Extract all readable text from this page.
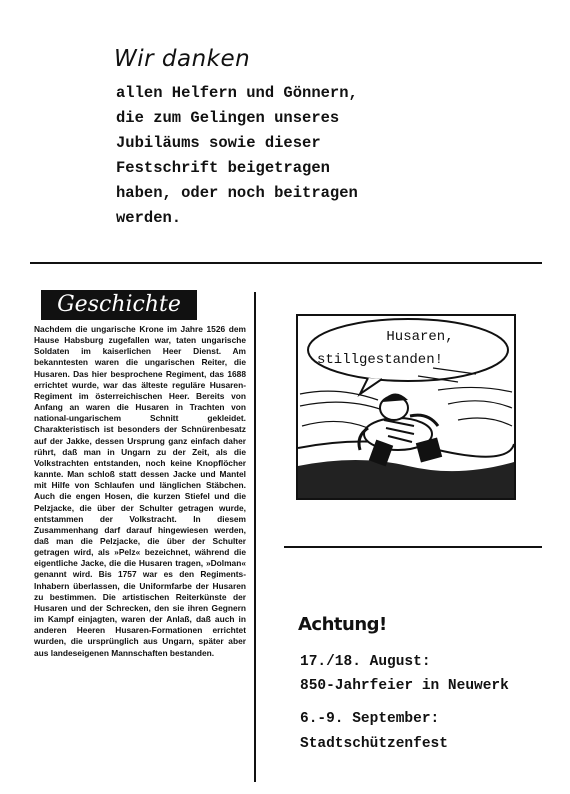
Wir danken
allen Helfern und Gönnern,
die zum Gelingen unseres
Jubiläums sowie dieser
Festschrift beigetragen
haben, oder noch beitragen
werden.
Geschichte
Nachdem die ungarische Krone im Jahre 1526 dem Hause Habsburg zugefallen war, taten ungarische Soldaten im kaiserlichen Heer Dienst. Am bekanntesten waren die ungarischen Reiter, die Husaren. Das hier besprochene Regiment, das 1688 errichtet wurde, war das älteste reguläre Husaren-Regiment im österreichischen Heer. Bereits von Anfang an waren die Husaren in Trachten von national-ungarischem Schnitt gekleidet. Charakteristisch ist besonders der Schnürenbesatz auf der Jakke, dessen Ursprung ganz einfach daher rührt, daß man in Ungarn zu der Zeit, als die Volkstrachten entstanden, noch keine Knopflöcher kannte. Man schloß statt dessen Jacke und Mantel mit Hilfe von Schlaufen und länglichen Stäbchen. Auch die engen Hosen, die kurzen Stiefel und die Pelzjacke, die über der Schulter getragen wurde, entstammen der Volkstracht. In diesem Zusammenhang darf darauf hingewiesen werden, daß man die Pelzjacke, die über der Schulter getragen wird, als »Pelz« bezeichnet, während die eigentliche Jacke, die die Husaren tragen, »Dolman« genannt wird. Bis 1757 war es den Regiments-Inhabern überlassen, die Uniformfarbe der Husaren zu bestimmen. Die artistischen Reiterkünste der Husaren und der Schrecken, den sie ihren Gegnern im Kampf einjagten, waren der Anlaß, daß auch in anderen Heeren Husaren-Formationen errichtet wurden, die ursprünglich aus Ungarn, später aber aus landeseigenen Mannschaften bestanden.
Husaren,
stillgestanden!
Achtung!
17./18. August:
850-Jahrfeier in Neuwerk
6.-9. September:
Stadtschützenfest
